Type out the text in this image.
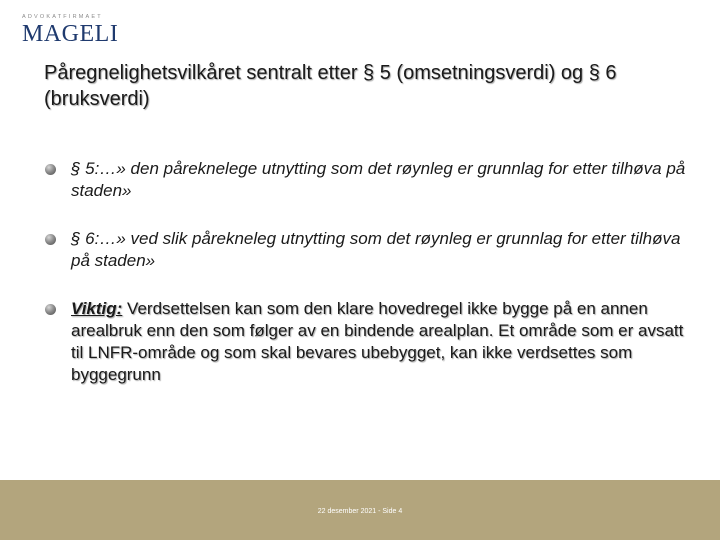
ADVOKATFIRMAET
MAGELI
Påregnelighetsvilkåret sentralt etter § 5 (omsetningsverdi) og § 6 (bruksverdi)
§ 5:…» den påreknelege utnytting som det røynleg er grunnlag for etter tilhøva på staden»
§ 6:…» ved slik pårekneleg utnytting som det røynleg er grunnlag for etter tilhøva på staden»
Viktig: Verdsettelsen kan som den klare hovedregel ikke bygge på en annen arealbruk enn den som følger av en bindende arealplan. Et område som er avsatt til LNFR-område og som skal bevares ubebygget, kan ikke verdsettes som byggegrunn
22 desember 2021 - Side 4
